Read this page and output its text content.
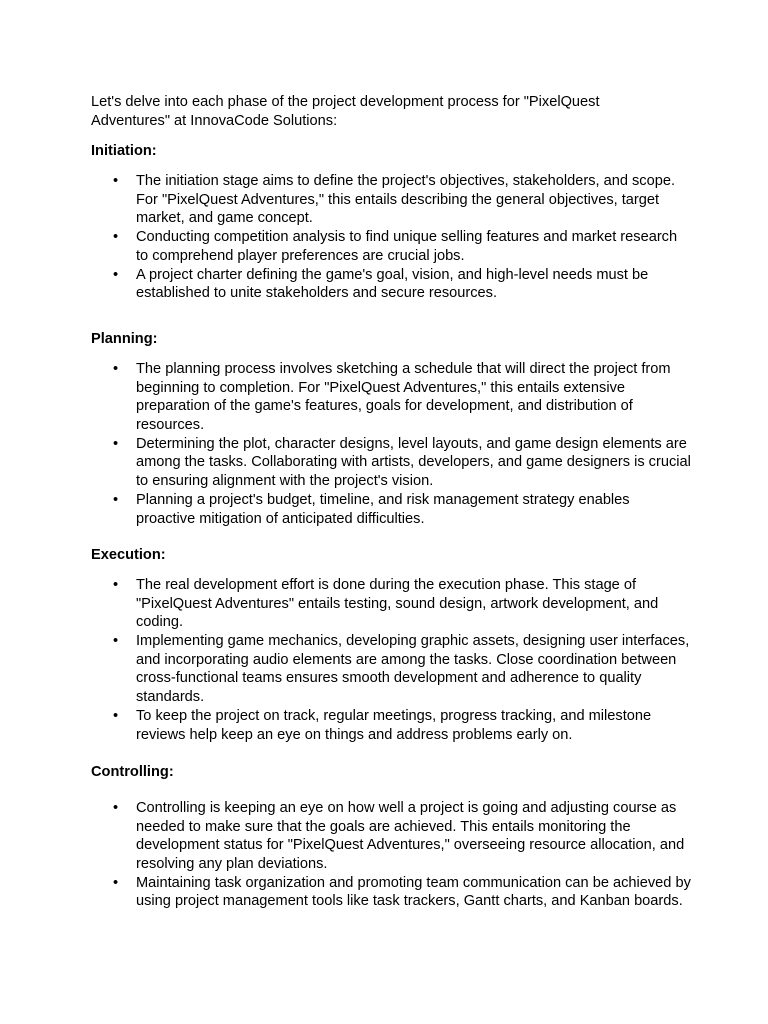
Let's delve into each phase of the project development process for "PixelQuest Adventures" at InnovaCode Solutions:

Initiation:

• The initiation stage aims to define the project's objectives, stakeholders, and scope. For "PixelQuest Adventures," this entails describing the general objectives, target market, and game concept.
• Conducting competition analysis to find unique selling features and market research to comprehend player preferences are crucial jobs.
• A project charter defining the game's goal, vision, and high-level needs must be established to unite stakeholders and secure resources.

Planning:

• The planning process involves sketching a schedule that will direct the project from beginning to completion. For "PixelQuest Adventures," this entails extensive preparation of the game's features, goals for development, and distribution of resources.
• Determining the plot, character designs, level layouts, and game design elements are among the tasks. Collaborating with artists, developers, and game designers is crucial to ensuring alignment with the project's vision.
• Planning a project's budget, timeline, and risk management strategy enables proactive mitigation of anticipated difficulties.

Execution:

• The real development effort is done during the execution phase. This stage of "PixelQuest Adventures" entails testing, sound design, artwork development, and coding.
• Implementing game mechanics, developing graphic assets, designing user interfaces, and incorporating audio elements are among the tasks. Close coordination between cross-functional teams ensures smooth development and adherence to quality standards.
• To keep the project on track, regular meetings, progress tracking, and milestone reviews help keep an eye on things and address problems early on.

Controlling:

• Controlling is keeping an eye on how well a project is going and adjusting course as needed to make sure that the goals are achieved. This entails monitoring the development status for "PixelQuest Adventures," overseeing resource allocation, and resolving any plan deviations.
• Maintaining task organization and promoting team communication can be achieved by using project management tools like task trackers, Gantt charts, and Kanban boards.
